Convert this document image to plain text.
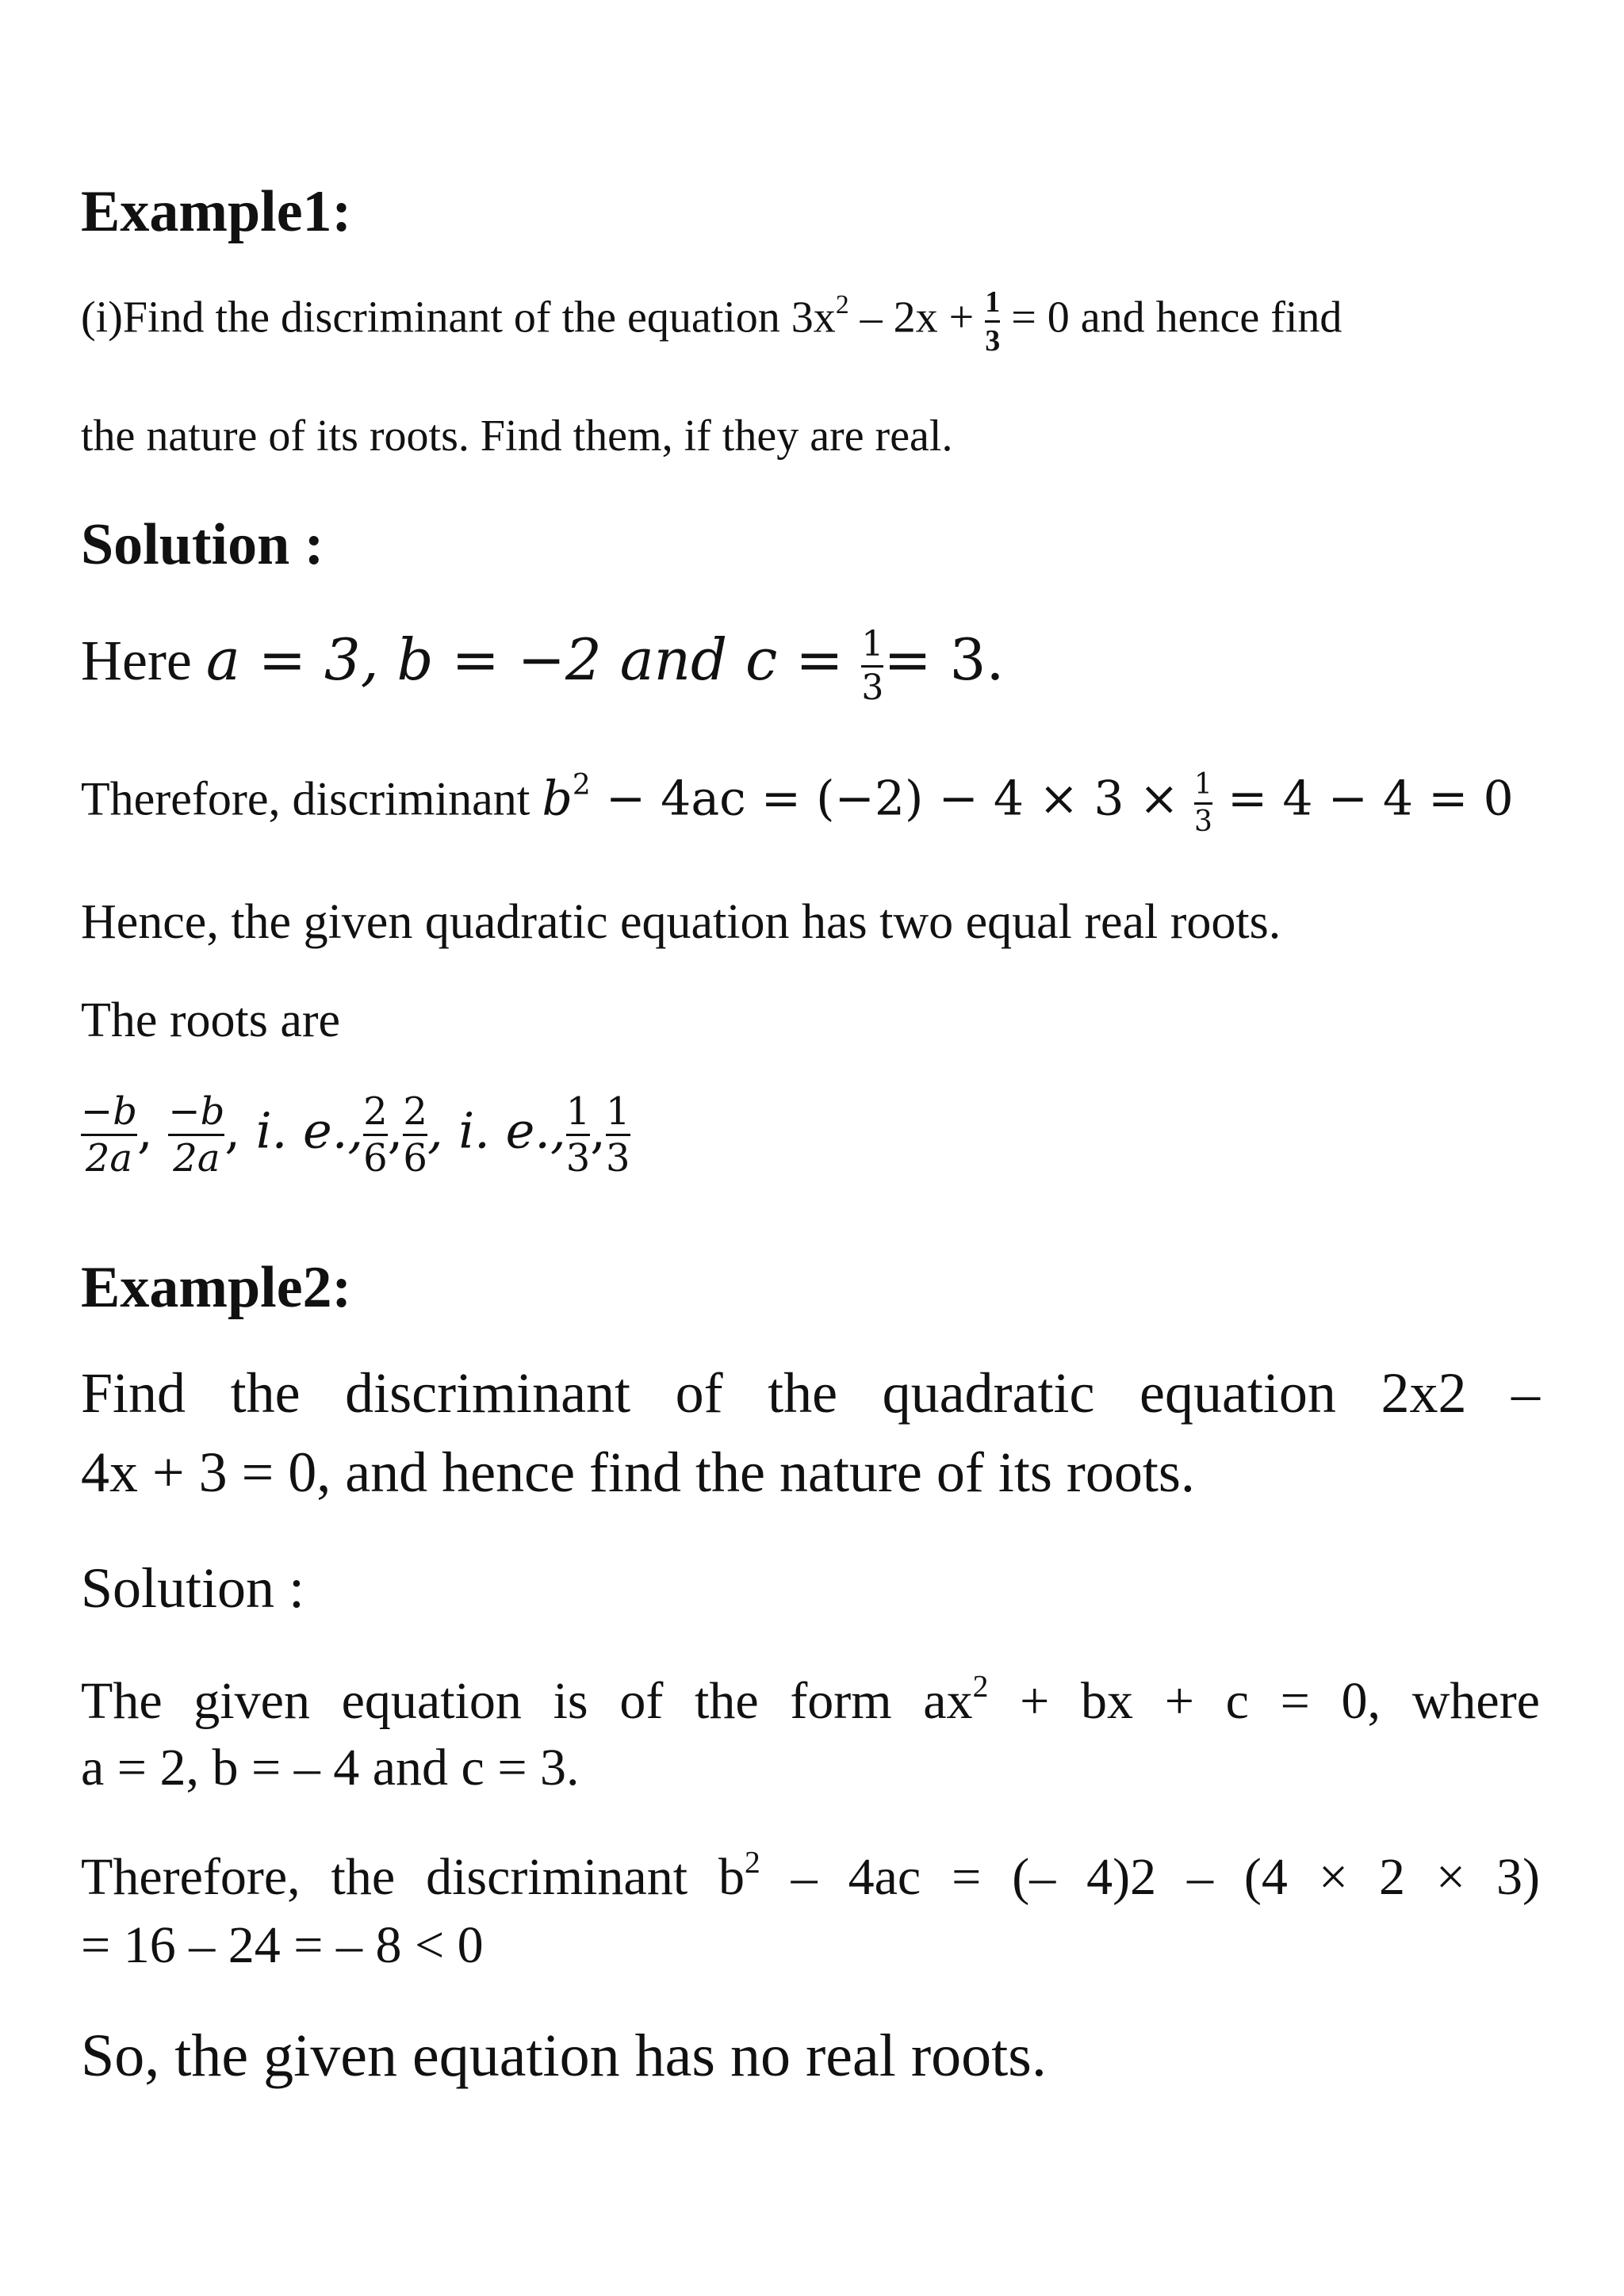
Example1:
(i)Find the discriminant of the equation $3x^2 - 2x + \frac{1}{3} = 0$ and hence find
the nature of its roots. Find them, if they are real.
Solution :
Here a = 3, b = −2 and $c = \frac{1}{3} = 3$.
Therefore, discriminant $b^2 - 4ac = (-2) - 4 \times 3 \times \frac{1}{3} = 4 - 4 = 0$
Hence, the given quadratic equation has two equal real roots.
The roots are
$\frac{-b}{2a}$ , $\frac{-b}{2a}$ , i. e., $\frac{2}{6}$ , $\frac{2}{6}$ , i. e., $\frac{1}{3}$ , $\frac{1}{3}$
Example2:
Find the discriminant of the quadratic equation 2x2 –
4x + 3 = 0, and hence find the nature of its roots.
Solution :
The given equation is of the form $ax^2$ + bx + c = 0, where
a = 2, b = – 4 and c = 3.
Therefore, the discriminant $b^2 - 4ac$ = (– 4)2 – (4 × 2 × 3)
= 16 – 24 = – 8 < 0
So, the given equation has no real roots.
